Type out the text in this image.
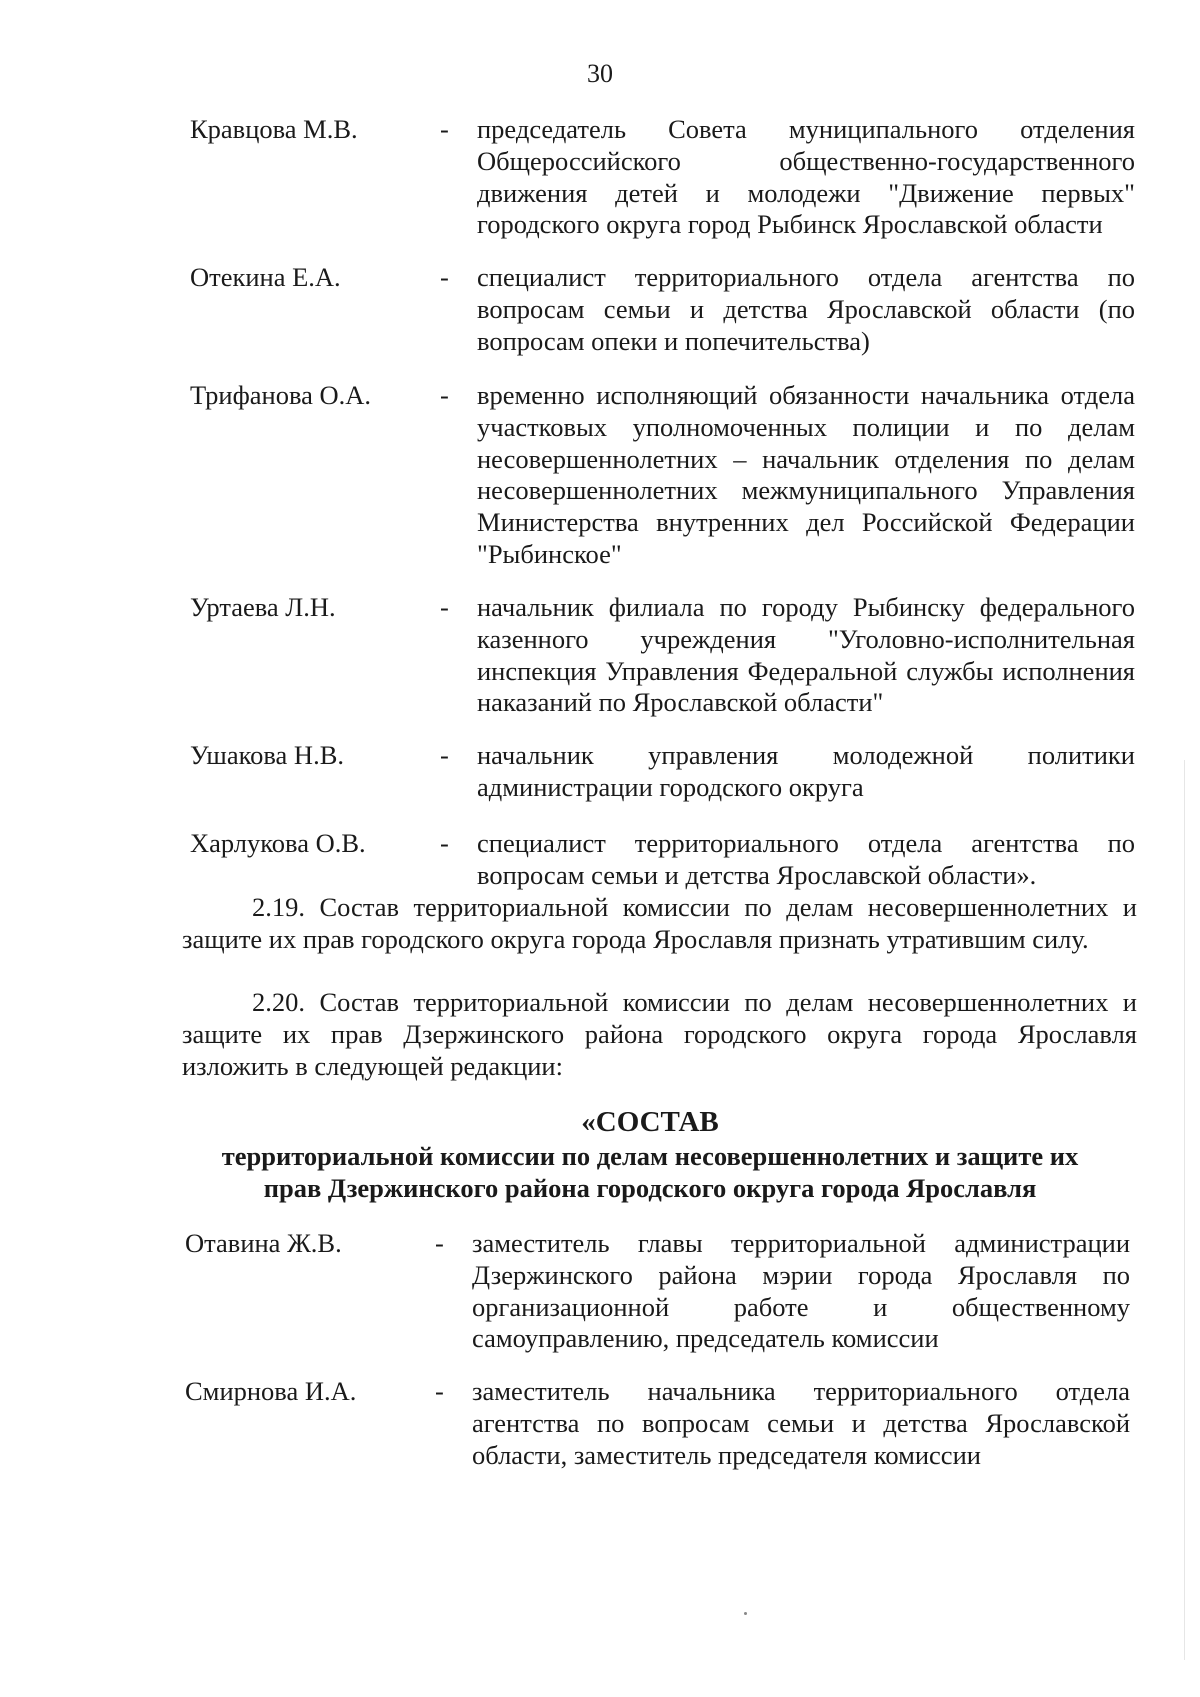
30
Кравцова М.В.	- председатель Совета муниципального отделения Общероссийского общественно-государственного движения детей и молодежи "Движение первых" городского округа город Рыбинск Ярославской области
Отекина Е.А.	- специалист территориального отдела агентства по вопросам семьи и детства Ярославской области (по вопросам опеки и попечительства)
Трифанова О.А.	- временно исполняющий обязанности начальника отдела участковых уполномоченных полиции и по делам несовершеннолетних – начальник отделения по делам несовершеннолетних межмуниципального Управления Министерства внутренних дел Российской Федерации "Рыбинское"
Уртаева Л.Н.	- начальник филиала по городу Рыбинску федерального казенного учреждения "Уголовно-исполнительная инспекция Управления Федеральной службы исполнения наказаний по Ярославской области"
Ушакова Н.В.	- начальник управления молодежной политики администрации городского округа
Харлукова О.В.	- специалист территориального отдела агентства по вопросам семьи и детства Ярославской области».
2.19. Состав территориальной комиссии по делам несовершеннолетних и защите их прав городского округа города Ярославля признать утратившим силу.
2.20. Состав территориальной комиссии по делам несовершеннолетних и защите их прав Дзержинского района городского округа города Ярославля изложить в следующей редакции:
«СОСТАВ
территориальной комиссии по делам несовершеннолетних и защите их
прав Дзержинского района городского округа города Ярославля
Отавина Ж.В.	- заместитель главы территориальной администрации Дзержинского района мэрии города Ярославля по организационной работе и общественному самоуправлению, председатель комиссии
Смирнова И.А.	- заместитель начальника территориального отдела агентства по вопросам семьи и детства Ярославской области, заместитель председателя комиссии
